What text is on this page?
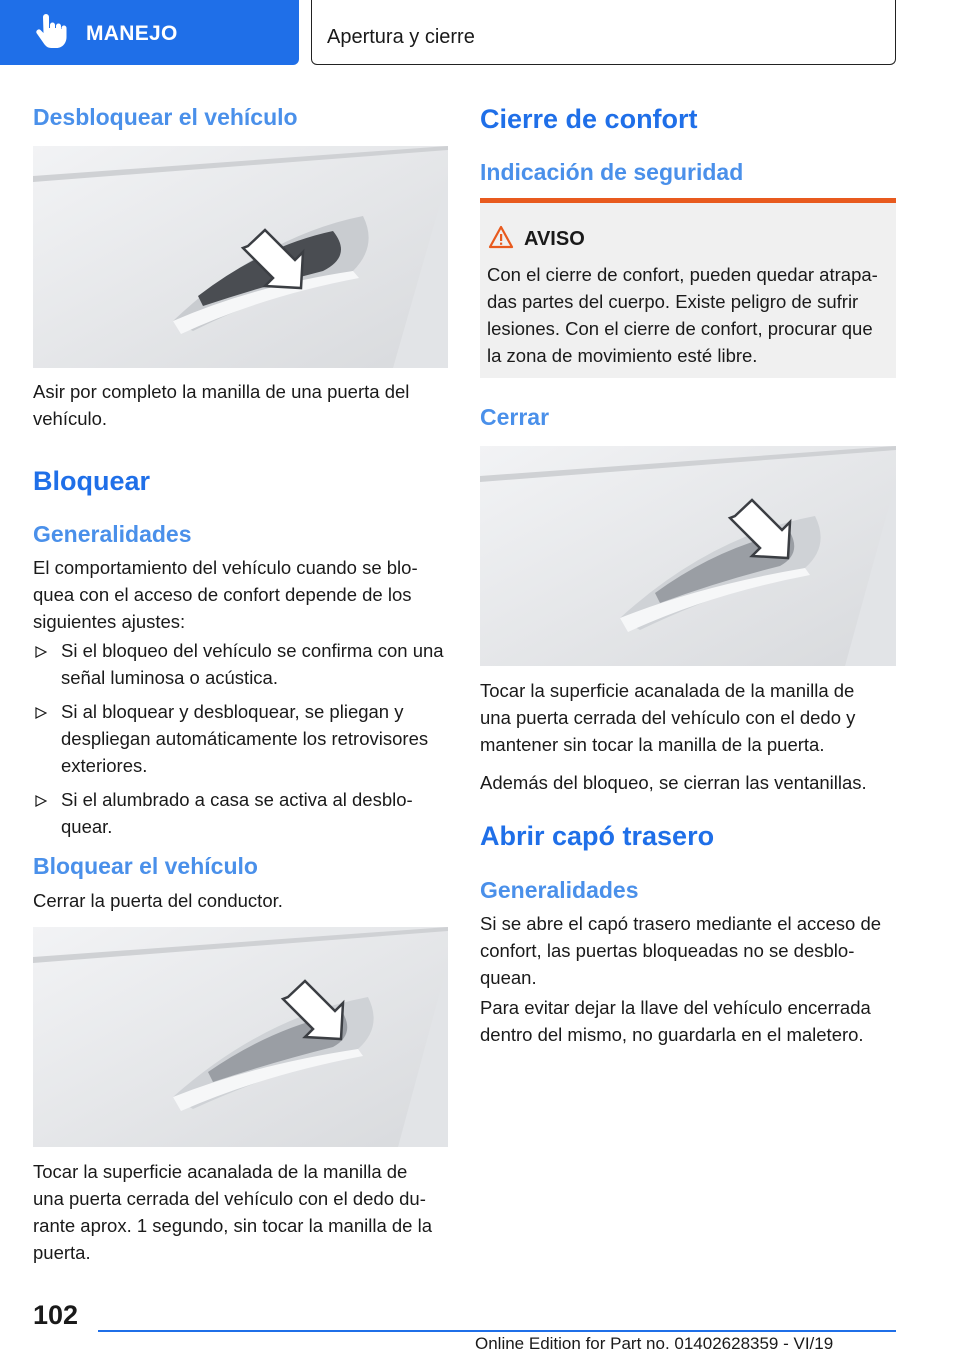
MANEJO	Apertura y cierre
Desbloquear el vehículo
Asir por completo la manilla de una puerta del vehículo.
Bloquear
Generalidades
El comportamiento del vehículo cuando se blo-quea con el acceso de confort depende de los siguientes ajustes:
Si el bloqueo del vehículo se confirma con una señal luminosa o acústica.
Si al bloquear y desbloquear, se pliegan y despliegan automáticamente los retrovisores exteriores.
Si el alumbrado a casa se activa al desblo-quear.
Bloquear el vehículo
Cerrar la puerta del conductor.
Tocar la superficie acanalada de la manilla de una puerta cerrada del vehículo con el dedo du-rante aprox. 1 segundo, sin tocar la manilla de la puerta.
Cierre de confort
Indicación de seguridad
AVISO
Con el cierre de confort, pueden quedar atrapa-das partes del cuerpo. Existe peligro de sufrir lesiones. Con el cierre de confort, procurar que la zona de movimiento esté libre.
Cerrar
Tocar la superficie acanalada de la manilla de una puerta cerrada del vehículo con el dedo y mantener sin tocar la manilla de la puerta.
Además del bloqueo, se cierran las ventanillas.
Abrir capó trasero
Generalidades
Si se abre el capó trasero mediante el acceso de confort, las puertas bloqueadas no se desblo-quean.
Para evitar dejar la llave del vehículo encerrada dentro del mismo, no guardarla en el maletero.
102
Online Edition for Part no. 01402628359 - VI/19
